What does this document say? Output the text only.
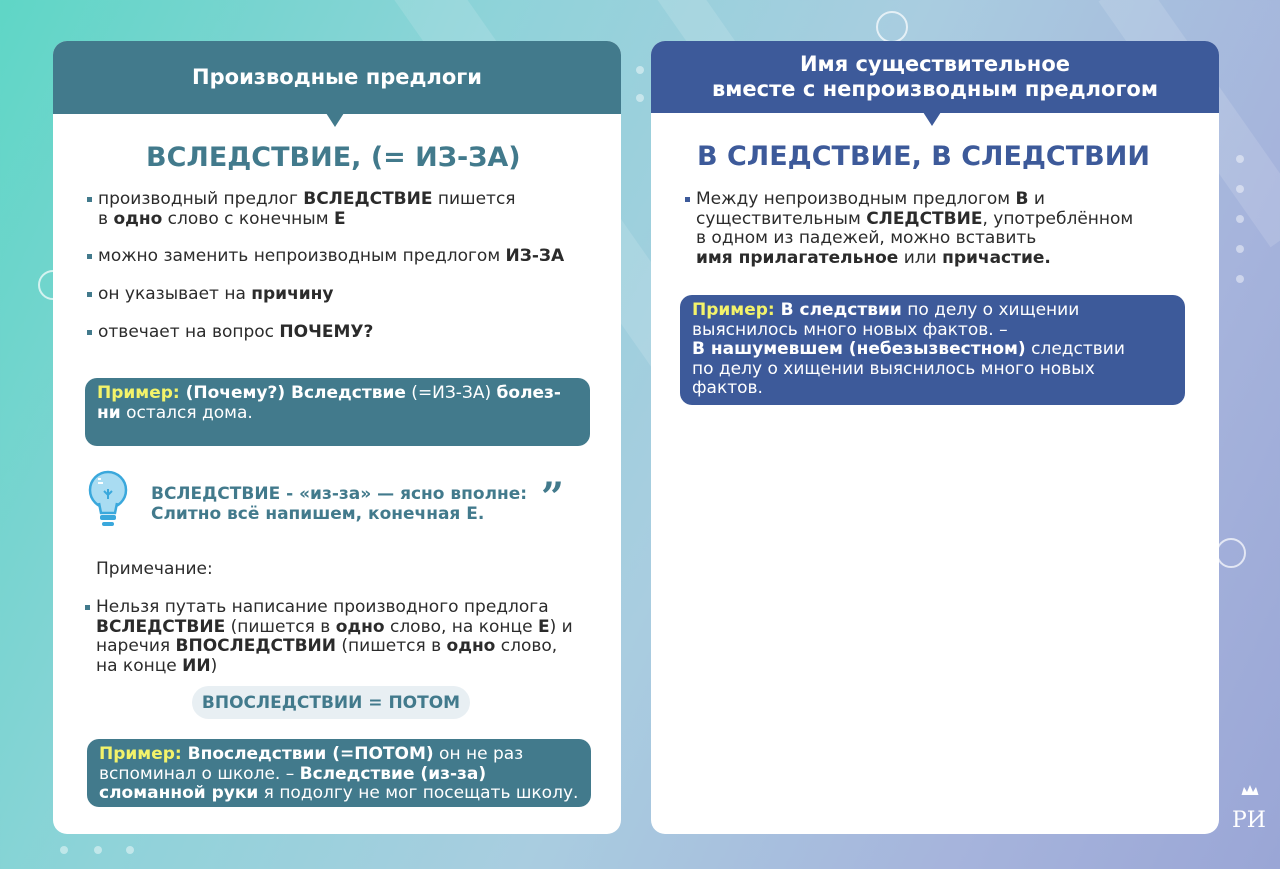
Производные предлоги
ВСЛЕДСТВИЕ, (= ИЗ-ЗА)
производный предлог ВСЛЕДСТВИЕ пишется
в одно слово с конечным Е
можно заменить непроизводным предлогом ИЗ-ЗА
он указывает на причину
отвечает на вопрос ПОЧЕМУ?
Пример: (Почему?) Вследствие (=ИЗ-ЗА) болез-
ни остался дома.
ВСЛЕДСТВИЕ - «из-за» — ясно вполне:
Слитно всё напишем, конечная Е.	”
Примечание:
Нельзя путать написание производного предлога
ВСЛЕДСТВИЕ (пишется в одно слово, на конце Е) и
наречия ВПОСЛЕДСТВИИ (пишется в одно слово,
на конце ИИ)
ВПОСЛЕДСТВИИ = ПОТОМ
Пример: Впоследствии (=ПОТОМ) он не раз
вспоминал о школе. – Вследствие (из-за)
сломанной руки я подолгу не мог посещать школу.
Имя существительное
вместе с непроизводным предлогом
В СЛЕДСТВИЕ, В СЛЕДСТВИИ
Между непроизводным предлогом В и
существительным СЛЕДСТВИЕ, употреблённом
в одном из падежей, можно вставить
имя прилагательное или причастие.
Пример: В следствии по делу о хищении
выяснилось много новых фактов. –
В нашумевшем (небезызвестном) следствии
по делу о хищении выяснилось много новых
фактов.
РИ
